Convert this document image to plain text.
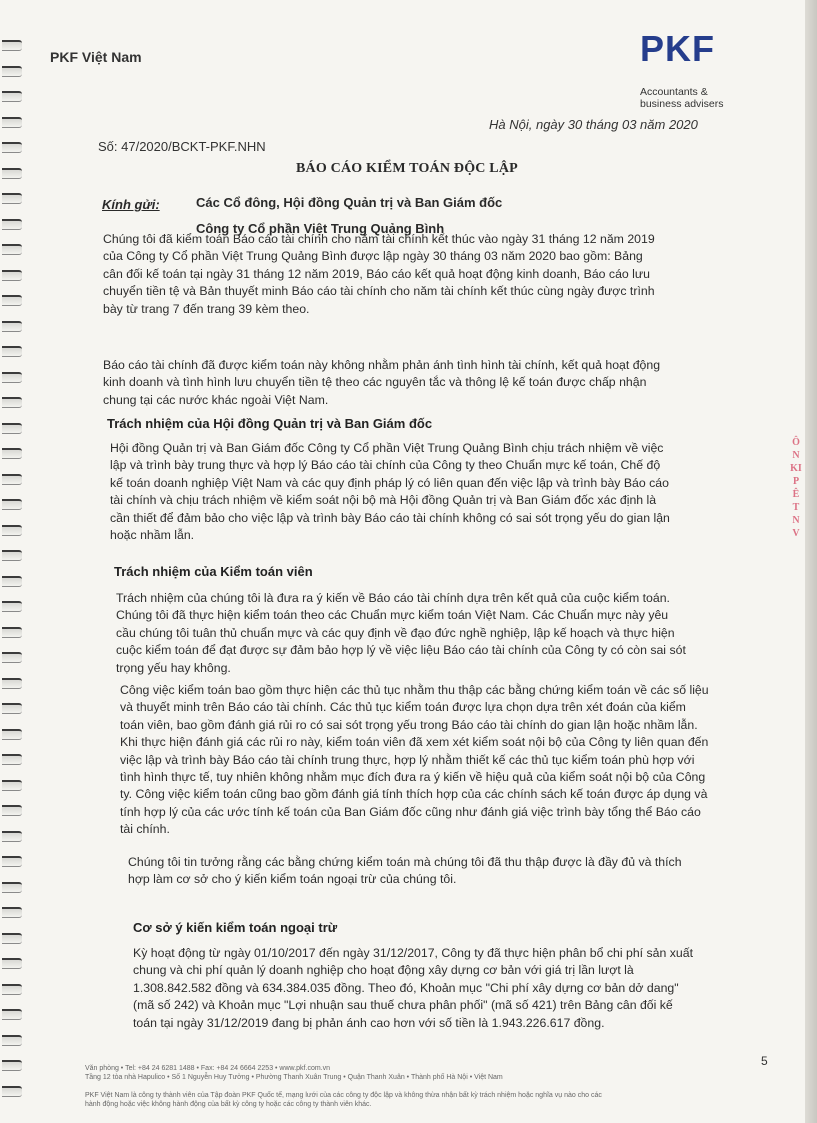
PKF Việt Nam	PKF
Accountants &
business advisers
Hà Nội, ngày 30 tháng 03 năm 2020
Số: 47/2020/BCKT-PKF.NHN
BÁO CÁO KIỂM TOÁN ĐỘC LẬP
Kính gửi:	Các Cổ đông, Hội đồng Quản trị và Ban Giám đốc
Công ty Cổ phần Việt Trung Quảng Bình
Chúng tôi đã kiểm toán Báo cáo tài chính cho năm tài chính kết thúc vào ngày 31 tháng 12 năm 2019
của Công ty Cổ phần Việt Trung Quảng Bình được lập ngày 30 tháng 03 năm 2020 bao gồm: Bảng
cân đối kế toán tại ngày 31 tháng 12 năm 2019, Báo cáo kết quả hoạt động kinh doanh, Báo cáo lưu
chuyển tiền tệ và Bản thuyết minh Báo cáo tài chính cho năm tài chính kết thúc cùng ngày được trình
bày từ trang 7 đến trang 39 kèm theo.
Báo cáo tài chính đã được kiểm toán này không nhằm phản ánh tình hình tài chính, kết quả hoạt động
kinh doanh và tình hình lưu chuyển tiền tệ theo các nguyên tắc và thông lệ kế toán được chấp nhận
chung tại các nước khác ngoài Việt Nam.
Trách nhiệm của Hội đồng Quản trị và Ban Giám đốc
Hội đồng Quản trị và Ban Giám đốc Công ty Cổ phần Việt Trung Quảng Bình chịu trách nhiệm về việc
lập và trình bày trung thực và hợp lý Báo cáo tài chính của Công ty theo Chuẩn mực kế toán, Chế độ
kế toán doanh nghiệp Việt Nam và các quy định pháp lý có liên quan đến việc lập và trình bày Báo cáo
tài chính và chịu trách nhiệm về kiểm soát nội bộ mà Hội đồng Quản trị và Ban Giám đốc xác định là
cần thiết để đảm bảo cho việc lập và trình bày Báo cáo tài chính không có sai sót trọng yếu do gian lận
hoặc nhầm lẫn.
Trách nhiệm của Kiểm toán viên
Trách nhiệm của chúng tôi là đưa ra ý kiến về Báo cáo tài chính dựa trên kết quả của cuộc kiểm toán.
Chúng tôi đã thực hiện kiểm toán theo các Chuẩn mực kiểm toán Việt Nam. Các Chuẩn mực này yêu
cầu chúng tôi tuân thủ chuẩn mực và các quy định về đạo đức nghề nghiệp, lập kế hoạch và thực hiện
cuộc kiểm toán để đạt được sự đảm bảo hợp lý về việc liệu Báo cáo tài chính của Công ty có còn sai sót
trọng yếu hay không.
Công việc kiểm toán bao gồm thực hiện các thủ tục nhằm thu thập các bằng chứng kiểm toán về các số liệu
và thuyết minh trên Báo cáo tài chính. Các thủ tục kiểm toán được lựa chọn dựa trên xét đoán của kiểm
toán viên, bao gồm đánh giá rủi ro có sai sót trọng yếu trong Báo cáo tài chính do gian lận hoặc nhầm lẫn.
Khi thực hiện đánh giá các rủi ro này, kiểm toán viên đã xem xét kiểm soát nội bộ của Công ty liên quan đến
việc lập và trình bày Báo cáo tài chính trung thực, hợp lý nhằm thiết kế các thủ tục kiểm toán phù hợp với
tình hình thực tế, tuy nhiên không nhằm mục đích đưa ra ý kiến về hiệu quả của kiểm soát nội bộ của Công
ty. Công việc kiểm toán cũng bao gồm đánh giá tính thích hợp của các chính sách kế toán được áp dụng và
tính hợp lý của các ước tính kế toán của Ban Giám đốc cũng như đánh giá việc trình bày tổng thể Báo cáo
tài chính.
Chúng tôi tin tưởng rằng các bằng chứng kiểm toán mà chúng tôi đã thu thập được là đầy đủ và thích
hợp làm cơ sở cho ý kiến kiểm toán ngoại trừ của chúng tôi.
Cơ sở ý kiến kiểm toán ngoại trừ
Kỳ hoạt động từ ngày 01/10/2017 đến ngày 31/12/2017, Công ty đã thực hiện phân bổ chi phí sản xuất
chung và chi phí quản lý doanh nghiệp cho hoạt động xây dựng cơ bản với giá trị lần lượt là
1.308.842.582 đồng và 634.384.035 đồng. Theo đó, Khoản mục "Chi phí xây dựng cơ bản dở dang"
(mã số 242) và Khoản mục "Lợi nhuận sau thuế chưa phân phối" (mã số 421) trên Bảng cân đối kế
toán tại ngày 31/12/2019 đang bị phản ánh cao hơn với số tiền là 1.943.226.617 đồng.
5
Văn phòng • Tel: +84 24 6281 1488 • Fax: +84 24 6664 2253 • www.pkf.com.vn
Tầng 12 tòa nhà Hapulico • Số 1 Nguyễn Huy Tưởng • Phường Thanh Xuân Trung • Quận Thanh Xuân • Thành phố Hà Nội • Việt Nam

PKF Việt Nam là công ty thành viên của Tập đoàn PKF Quốc tế, mạng lưới của các công ty độc lập và không thừa nhận bất kỳ trách nhiệm hoặc nghĩa vụ nào cho các
hành động hoặc việc không hành động của bất kỳ công ty hoặc các công ty thành viên khác.
Ô
N
KI
P
Ê
T
N
V
